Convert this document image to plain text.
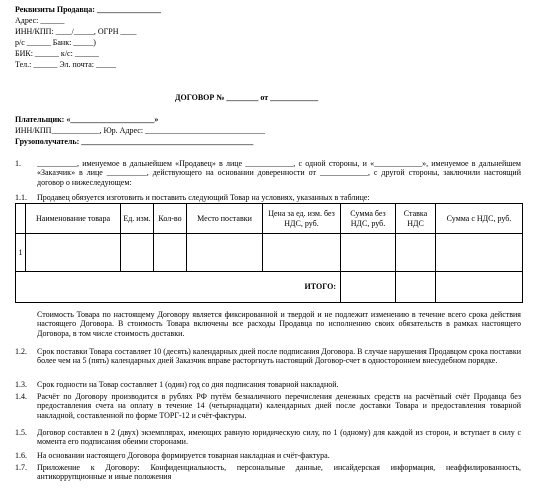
Реквизиты Продавца: ________________
Адрес: ______
ИНН/КПП: ____/_____, ОГРН ____
р/с ______ Банк: _____)
БИК: ______ к/с: ______
Тел.: ______ Эл. почта: _____
ДОГОВОР № ________ от ____________
Плательщик: «_____________________»
ИНН/КПП____________, Юр. Адрес: ______________________________
Грузополучатель: ___________________________________________
1. __________, именуемое в дальнейшем «Продавец» в лице ____________, с одной стороны, и «____________», именуемое в дальнейшем «Заказчик» в лице __________, действующего на основании доверенности от ____________, с другой стороны, заключили настоящий договор о нижеследующем:
1.1. Продавец обязуется изготовить и поставить следующий Товар на условиях, указанных в таблице:
№	Наименование товара	Ед. изм.	Кол-во	Место поставки	Цена за ед. изм. без НДС, руб.	Сумма без НДС, руб.	Ставка НДС	Сумма с НДС, руб.
1								
ИТОГО:								
Стоимость Товара по настоящему Договору является фиксированной и твердой и не подлежит изменению в течение всего срока действия настоящего Договора. В стоимость Товара включены все расходы Продавца по исполнению своих обязательств в рамках настоящего Договора, в том числе стоимость доставки.
1.2. Срок поставки Товара составляет 10 (десять) календарных дней после подписания Договора. В случае нарушения Продавцом срока поставки более чем на 5 (пять) календарных дней Заказчик вправе расторгнуть настоящий Договор-счет в одностороннем внесудебном порядке.
1.3. Срок годности на Товар составляет 1 (один) год со дня подписания товарной накладной.
1.4. Расчёт по Договору производится в рублях РФ путём безналичного перечисления денежных средств на расчётный счёт Продавца без предоставления счета на оплату в течение 14 (четырнадцати) календарных дней после доставки Товара и предоставления товарной накладной, составленной по форме ТОРГ-12 и счёт-фактуры.
1.5. Договор составлен в 2 (двух) экземплярах, имеющих равную юридическую силу, по 1 (одному) для каждой из сторон, и вступает в силу с момента его подписания обеими сторонами.
1.6. На основании настоящего Договора формируется товарная накладная и счёт-фактура.
1.7. Приложение к Договору: Конфиденциальность, персональные данные, инсайдерская информация, неаффилированность, антикоррупционные и иные положения
